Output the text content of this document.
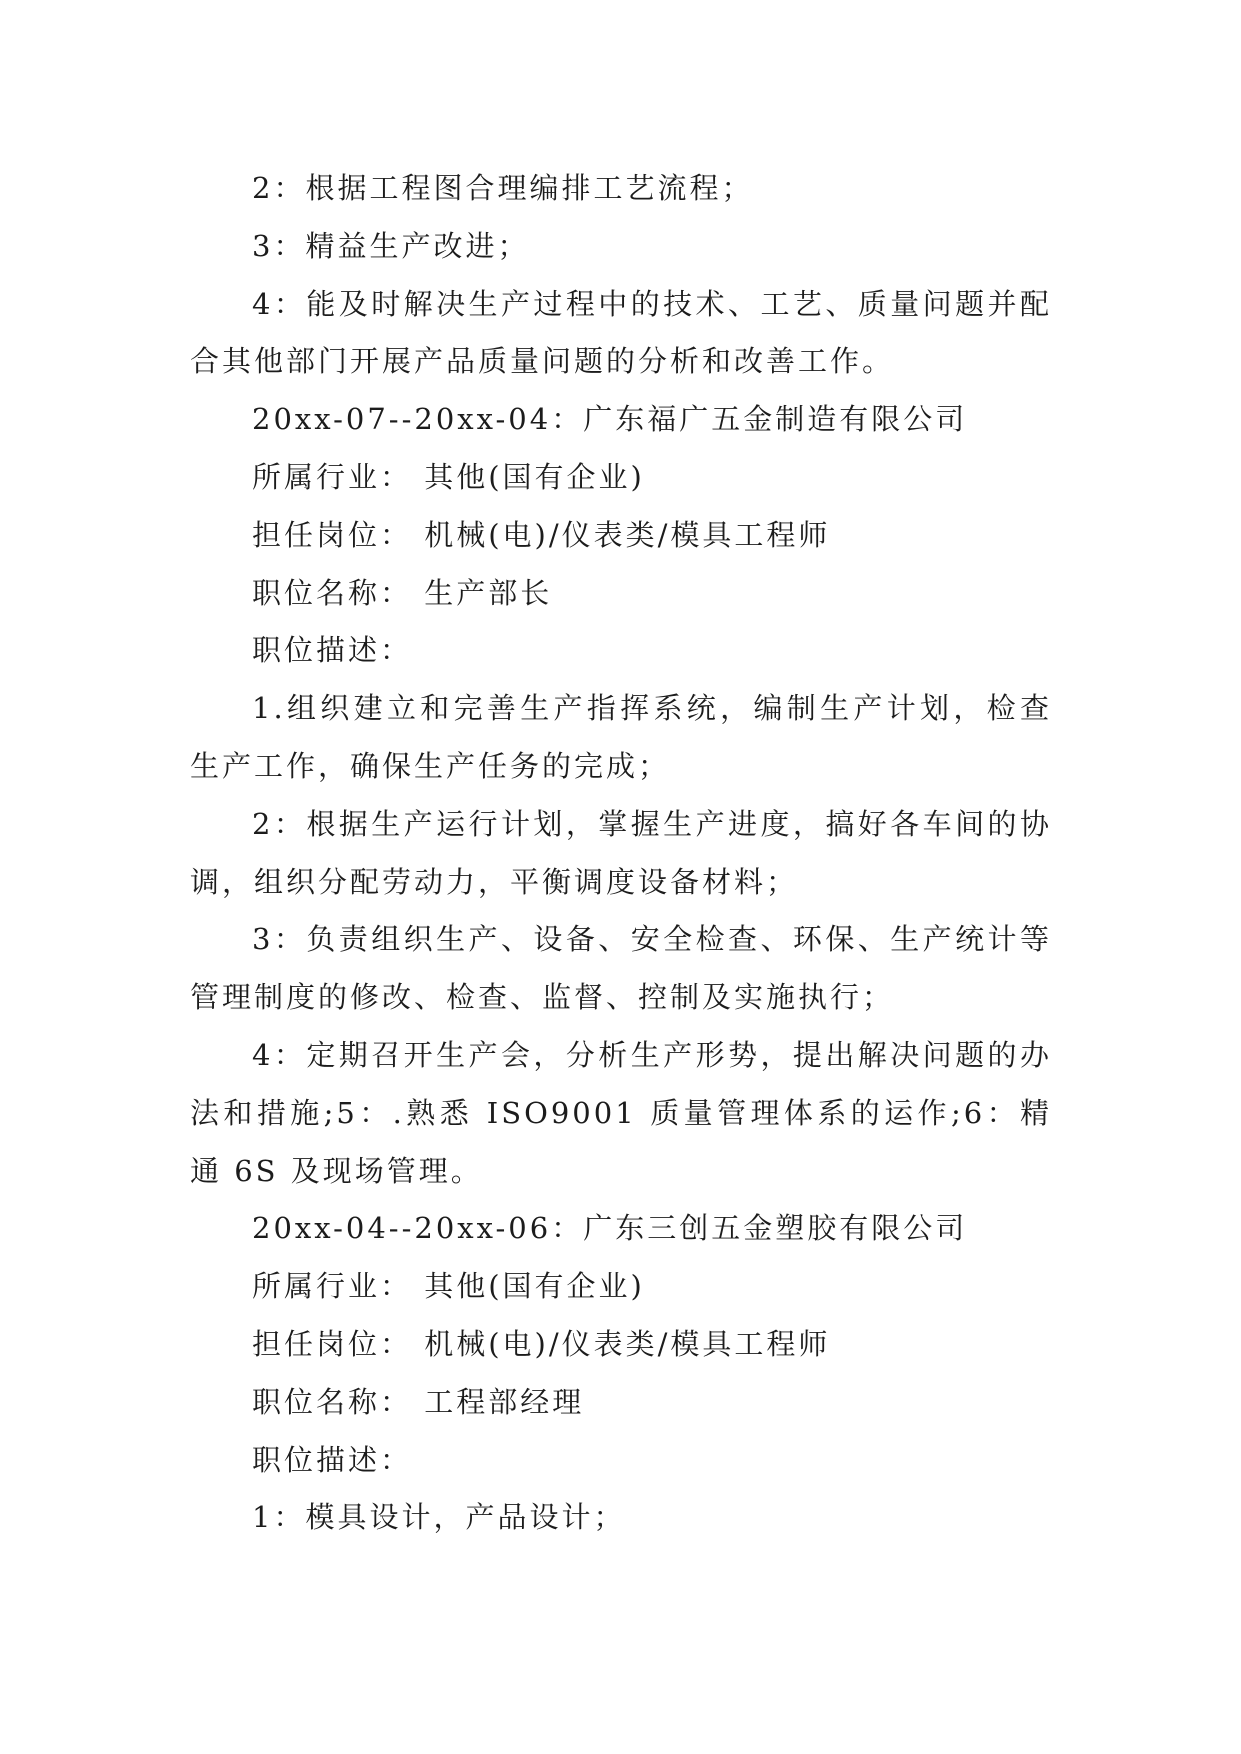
2：根据工程图合理编排工艺流程；

3：精益生产改进；

4：能及时解决生产过程中的技术、工艺、质量问题并配合其他部门开展产品质量问题的分析和改善工作。

20xx-07--20xx-04：广东福广五金制造有限公司

所属行业： 其他(国有企业)

担任岗位： 机械(电)/仪表类/模具工程师

职位名称： 生产部长

职位描述：

1.组织建立和完善生产指挥系统，编制生产计划，检查生产工作，确保生产任务的完成；

2：根据生产运行计划，掌握生产进度，搞好各车间的协调，组织分配劳动力，平衡调度设备材料；

3：负责组织生产、设备、安全检查、环保、生产统计等管理制度的修改、检查、监督、控制及实施执行；

4：定期召开生产会，分析生产形势，提出解决问题的办法和措施;5：.熟悉 ISO9001 质量管理体系的运作;6：精通 6S 及现场管理。

20xx-04--20xx-06：广东三创五金塑胶有限公司

所属行业： 其他(国有企业)

担任岗位： 机械(电)/仪表类/模具工程师

职位名称： 工程部经理

职位描述：

1：模具设计，产品设计；
